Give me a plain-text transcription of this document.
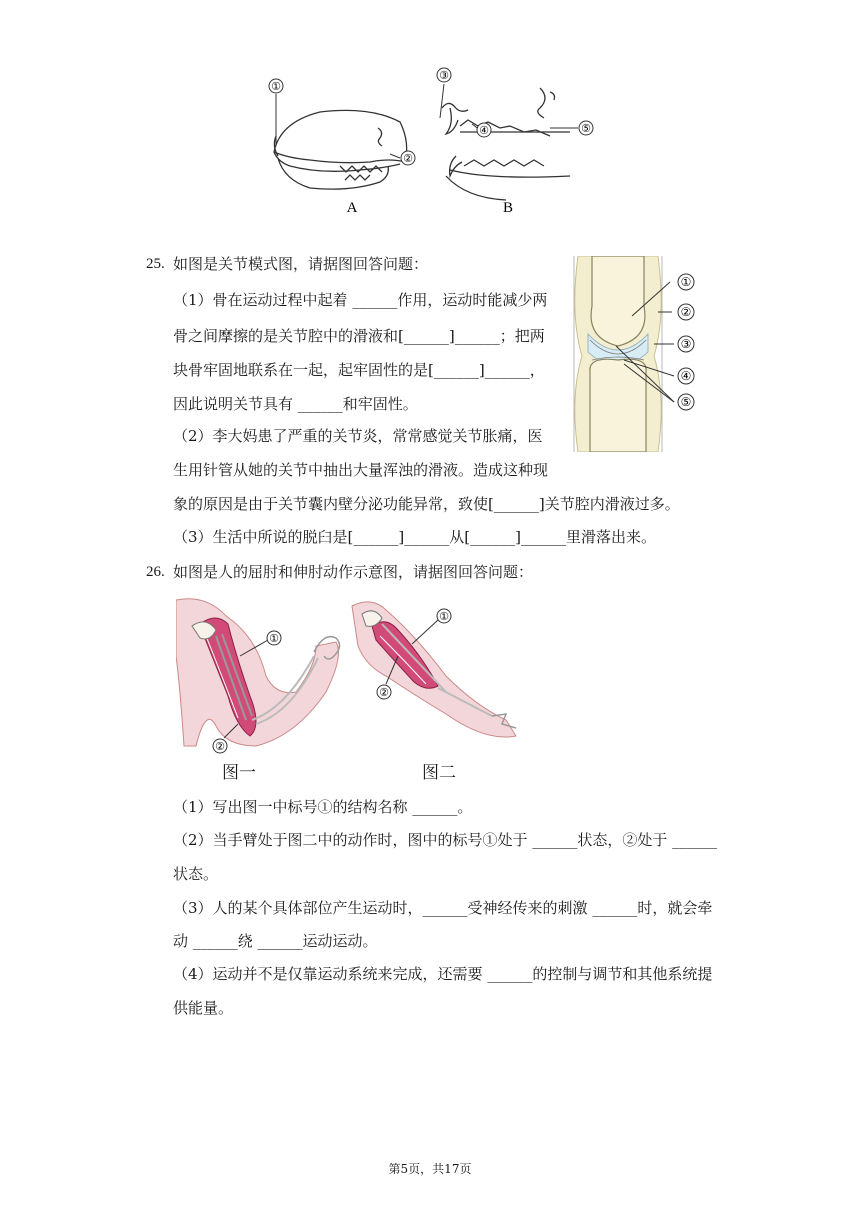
①
②
③
④	⑤
A	B
25. 如图是关节模式图，请据图回答问题：
（1）骨在运动过程中起着 ______作用，运动时能减少两
骨之间摩擦的是关节腔中的滑液和[______]______；把两
块骨牢固地联系在一起，起牢固性的是[______]______，
因此说明关节具有 ______和牢固性。
（2）李大妈患了严重的关节炎，常常感觉关节胀痛，医
生用针管从她的关节中抽出大量浑浊的滑液。造成这种现
象的原因是由于关节囊内壁分泌功能异常，致使[______]关节腔内滑液过多。
（3）生活中所说的脱臼是[______]______从[______]______里滑落出来。
①
②
③
④
⑤
26. 如图是人的屈肘和伸肘动作示意图，请据图回答问题：
①
②
①
②
图一	图二
（1）写出图一中标号①的结构名称 ______。
（2）当手臂处于图二中的动作时，图中的标号①处于 ______状态，②处于 ______
状态。
（3）人的某个具体部位产生运动时，______受神经传来的刺激 ______时，就会牵
动 ______绕 ______运动运动。
（4）运动并不是仅靠运动系统来完成，还需要 ______的控制与调节和其他系统提
供能量。
第5页，共17页
